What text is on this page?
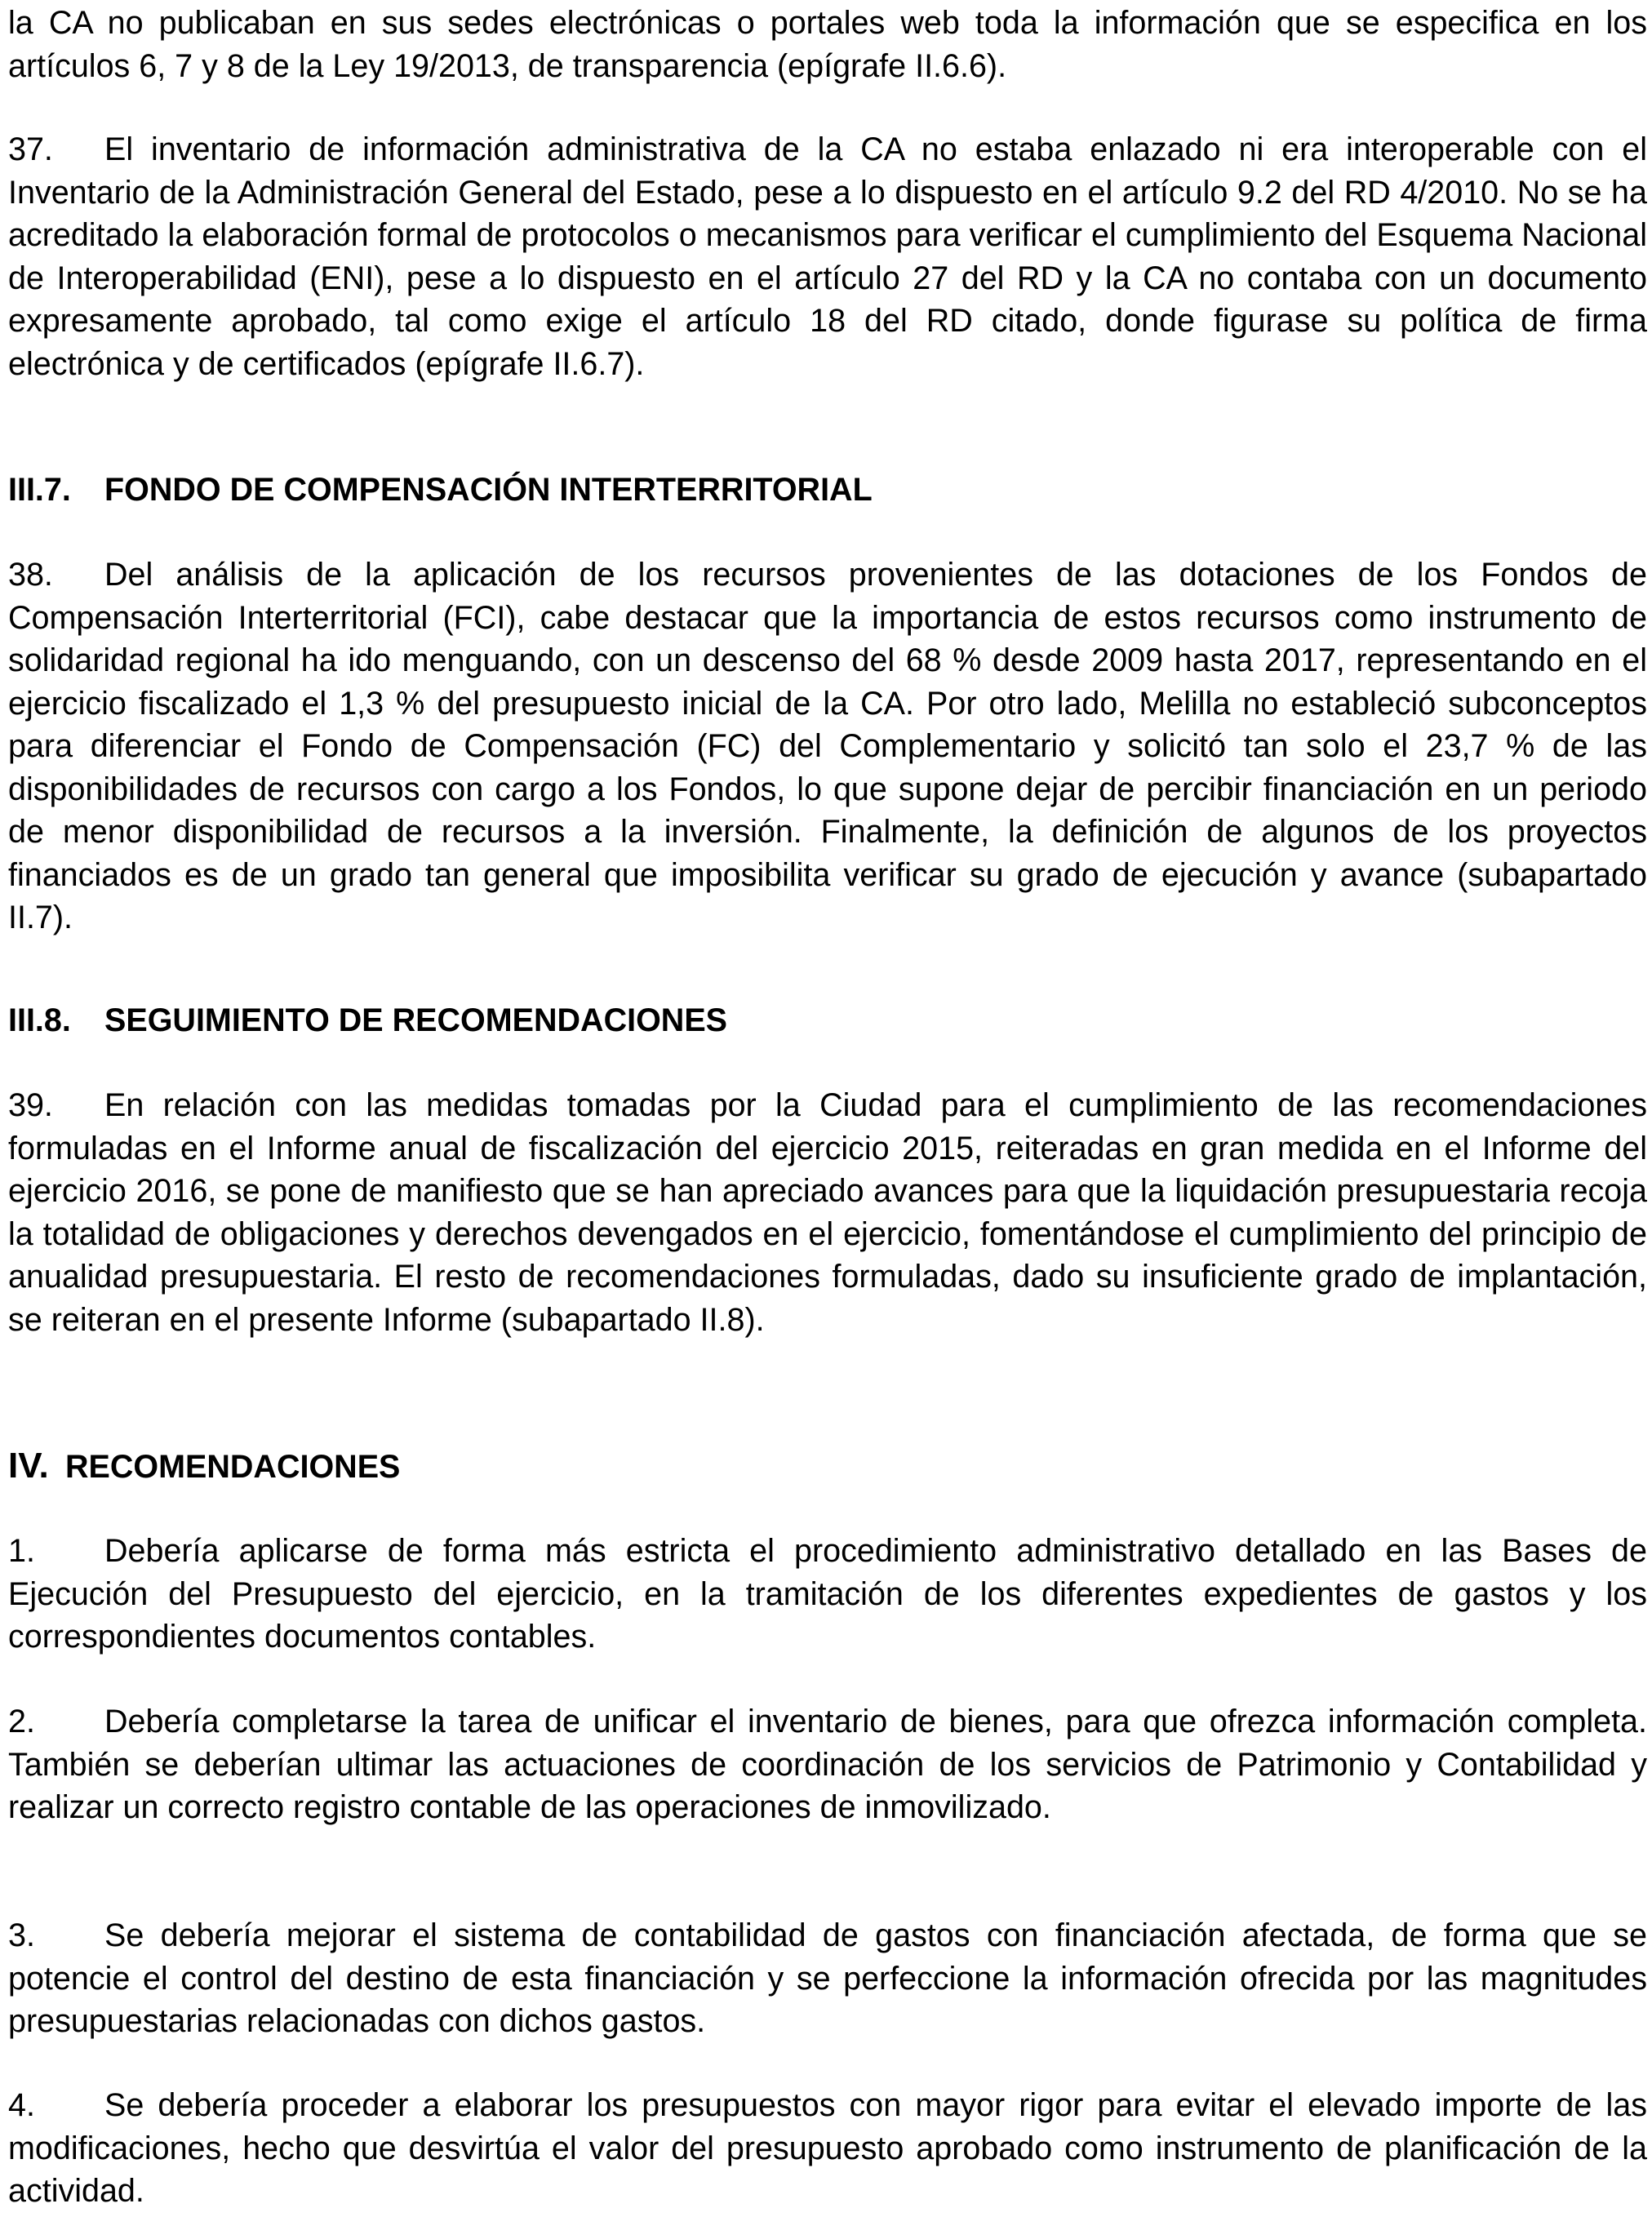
la CA no publicaban en sus sedes electrónicas o portales web toda la información que se especifica en los artículos 6, 7 y 8 de la Ley 19/2013, de transparencia (epígrafe II.6.6).

37. El inventario de información administrativa de la CA no estaba enlazado ni era interoperable con el Inventario de la Administración General del Estado, pese a lo dispuesto en el artículo 9.2 del RD 4/2010. No se ha acreditado la elaboración formal de protocolos o mecanismos para verificar el cumplimiento del Esquema Nacional de Interoperabilidad (ENI), pese a lo dispuesto en el artículo 27 del RD y la CA no contaba con un documento expresamente aprobado, tal como exige el artículo 18 del RD citado, donde figurase su política de firma electrónica y de certificados (epígrafe II.6.7).

III.7. FONDO DE COMPENSACIÓN INTERTERRITORIAL

38. Del análisis de la aplicación de los recursos provenientes de las dotaciones de los Fondos de Compensación Interterritorial (FCI), cabe destacar que la importancia de estos recursos como instrumento de solidaridad regional ha ido menguando, con un descenso del 68 % desde 2009 hasta 2017, representando en el ejercicio fiscalizado el 1,3 % del presupuesto inicial de la CA. Por otro lado, Melilla no estableció subconceptos para diferenciar el Fondo de Compensación (FC) del Complementario y solicitó tan solo el 23,7 % de las disponibilidades de recursos con cargo a los Fondos, lo que supone dejar de percibir financiación en un periodo de menor disponibilidad de recursos a la inversión. Finalmente, la definición de algunos de los proyectos financiados es de un grado tan general que imposibilita verificar su grado de ejecución y avance (subapartado II.7).

III.8. SEGUIMIENTO DE RECOMENDACIONES

39. En relación con las medidas tomadas por la Ciudad para el cumplimiento de las recomendaciones formuladas en el Informe anual de fiscalización del ejercicio 2015, reiteradas en gran medida en el Informe del ejercicio 2016, se pone de manifiesto que se han apreciado avances para que la liquidación presupuestaria recoja la totalidad de obligaciones y derechos devengados en el ejercicio, fomentándose el cumplimiento del principio de anualidad presupuestaria. El resto de recomendaciones formuladas, dado su insuficiente grado de implantación, se reiteran en el presente Informe (subapartado II.8).

IV. RECOMENDACIONES

1. Debería aplicarse de forma más estricta el procedimiento administrativo detallado en las Bases de Ejecución del Presupuesto del ejercicio, en la tramitación de los diferentes expedientes de gastos y los correspondientes documentos contables.

2. Debería completarse la tarea de unificar el inventario de bienes, para que ofrezca información completa. También se deberían ultimar las actuaciones de coordinación de los servicios de Patrimonio y Contabilidad y realizar un correcto registro contable de las operaciones de inmovilizado.

3. Se debería mejorar el sistema de contabilidad de gastos con financiación afectada, de forma que se potencie el control del destino de esta financiación y se perfeccione la información ofrecida por las magnitudes presupuestarias relacionadas con dichos gastos.

4. Se debería proceder a elaborar los presupuestos con mayor rigor para evitar el elevado importe de las modificaciones, hecho que desvirtúa el valor del presupuesto aprobado como instrumento de planificación de la actividad.
